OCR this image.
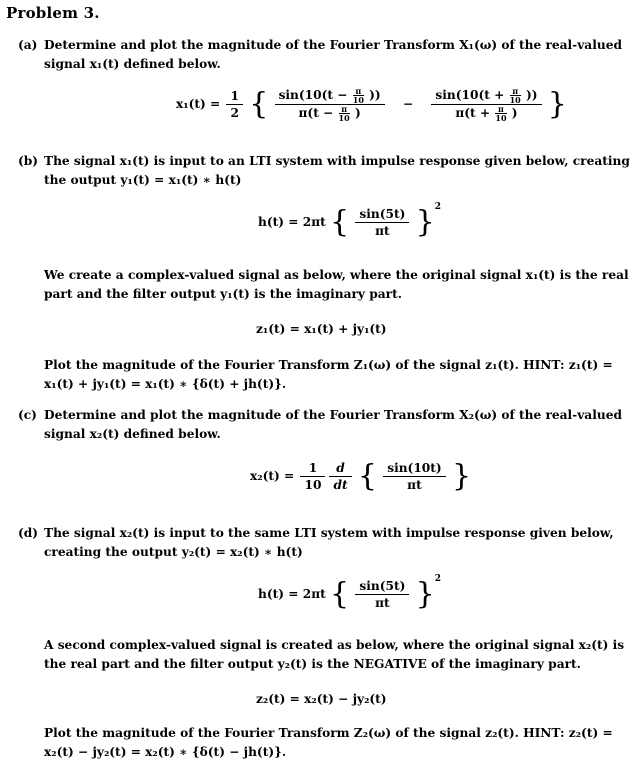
Problem 3.
(a) Determine and plot the magnitude of the Fourier Transform X₁(ω) of the real-valued
signal x₁(t) defined below.
$x_1(t) = \frac{1}{2}$ { $\frac{\sin(10(t - \frac{\pi}{10} ))}{\pi(t - \frac{\pi}{10} )} - \frac{\sin(10(t + \frac{\pi}{10} ))}{\pi(t + \frac{\pi}{10} )}$ }
(b) The signal x₁(t) is input to an LTI system with impulse response given below, creating
the output y₁(t) = x₁(t) ∗ h(t)
h(t) = 2πt { $\frac{\sin(5t)}{\pi t} \}^2$
We create a complex-valued signal as below, where the original signal x₁(t) is the real
part and the filter output y₁(t) is the imaginary part.
z₁(t) = x₁(t) + jy₁(t)
Plot the magnitude of the Fourier Transform Z₁(ω) of the signal z₁(t). HINT: z₁(t) =
x₁(t) + jy₁(t) = x₁(t) ∗ {δ(t) + jh(t)}.
(c) Determine and plot the magnitude of the Fourier Transform X₂(ω) of the real-valued
signal x₂(t) defined below.
$x_2(t) = \frac{1}{10} \frac{d}{dt}$ { $\frac{\sin(10t)}{\pi t}$ }
(d) The signal x₂(t) is input to the same LTI system with impulse response given below,
creating the output y₂(t) = x₂(t) ∗ h(t)
h(t) = 2πt { $\frac{\sin(5t)}{\pi t} \}^2$
A second complex-valued signal is created as below, where the original signal x₂(t) is
the real part and the filter output y₂(t) is the NEGATIVE of the imaginary part.
z₂(t) = x₂(t) − jy₂(t)
Plot the magnitude of the Fourier Transform Z₂(ω) of the signal z₂(t). HINT: z₂(t) =
x₂(t) − jy₂(t) = x₂(t) ∗ {δ(t) − jh(t)}.
